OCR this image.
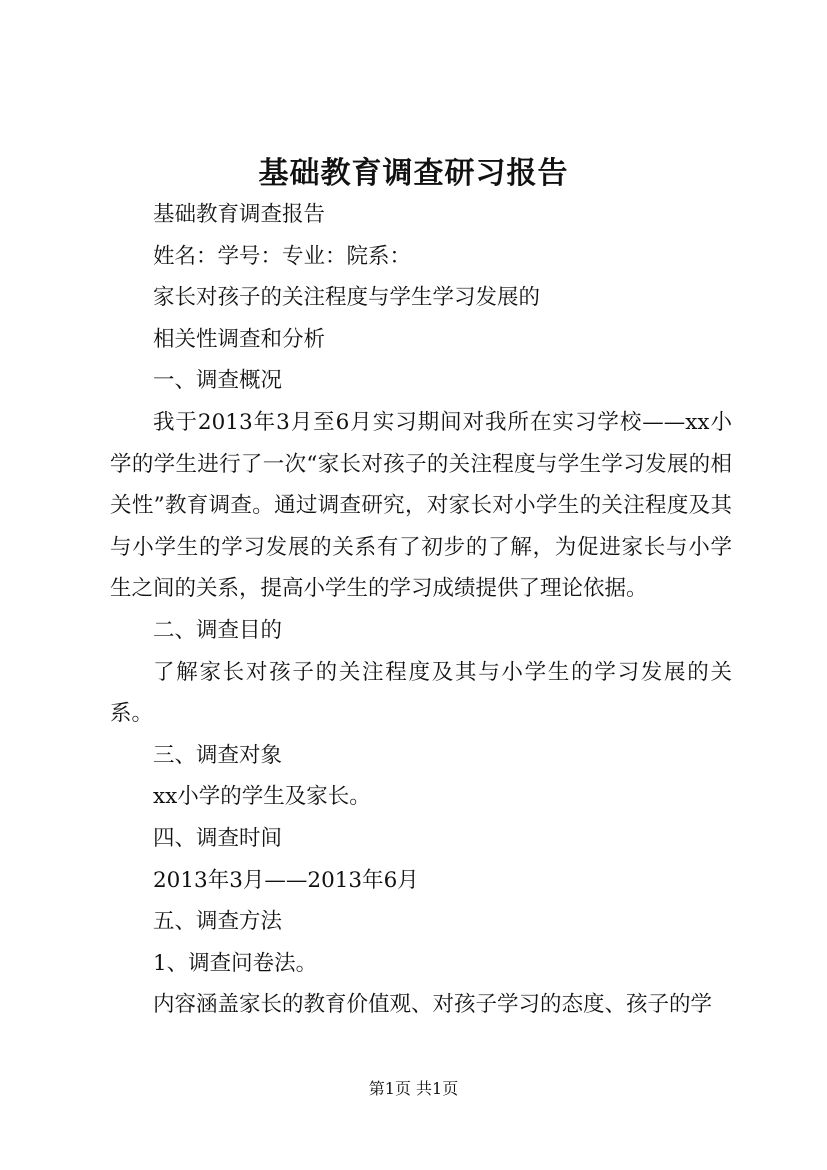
基础教育调查研习报告

基础教育调查报告

姓名：学号：专业：院系：

家长对孩子的关注程度与学生学习发展的

相关性调查和分析

一、调查概况

我于2013年3月至6月实习期间对我所在实习学校——xx小学的学生进行了一次“家长对孩子的关注程度与学生学习发展的相关性”教育调查。通过调查研究，对家长对小学生的关注程度及其与小学生的学习发展的关系有了初步的了解，为促进家长与小学生之间的关系，提高小学生的学习成绩提供了理论依据。

二、调查目的

了解家长对孩子的关注程度及其与小学生的学习发展的关系。

三、调查对象

xx小学的学生及家长。

四、调查时间

2013年3月——2013年6月

五、调查方法

1、调查问卷法。

内容涵盖家长的教育价值观、对孩子学习的态度、孩子的学

第1页 共1页
